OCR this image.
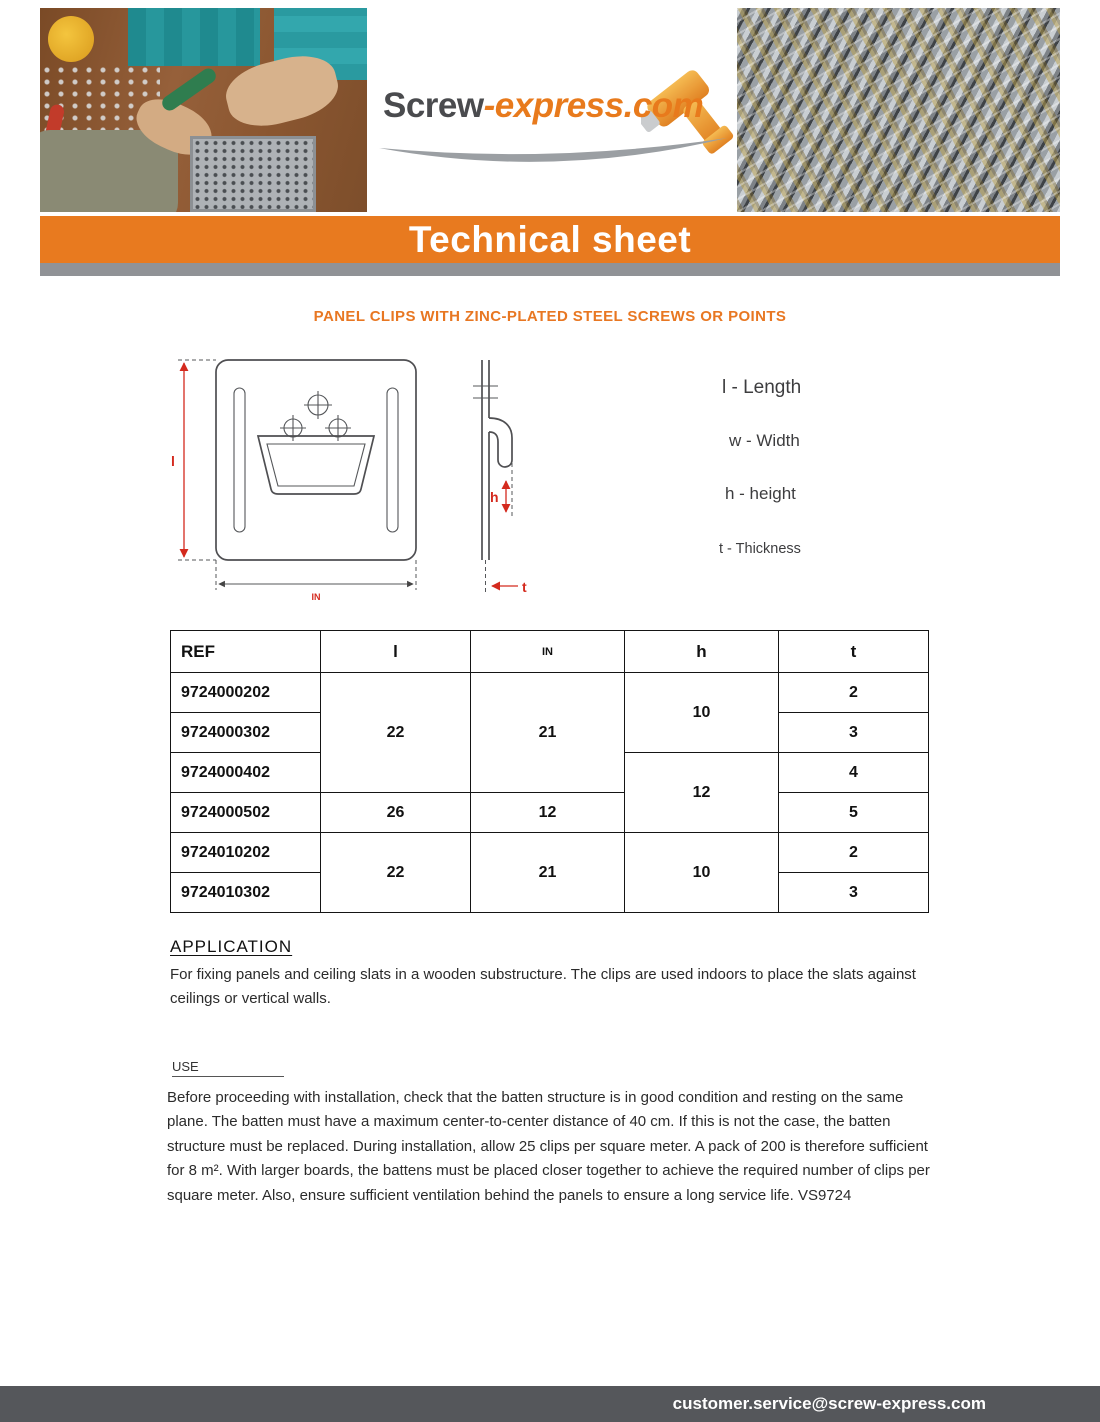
Screw-express.com
Technical sheet
PANEL CLIPS WITH ZINC-PLATED STEEL SCREWS OR POINTS
l
IN
h
t
l - Length
w - Width
h - height
t - Thickness
REF	l	IN	h	t
9724000202	22	21	10	2
9724000302				3
9724000402			12	4
9724000502	26	12		5
9724010202	22	21	10	2
9724010302				3
APPLICATION
For fixing panels and ceiling slats in a wooden substructure. The clips are used indoors to place the slats against ceilings or vertical walls.
USE
Before proceeding with installation, check that the batten structure is in good condition and resting on the same plane. The batten must have a maximum center-to-center distance of 40 cm. If this is not the case, the batten structure must be replaced. During installation, allow 25 clips per square meter. A pack of 200 is therefore sufficient for 8 m². With larger boards, the battens must be placed closer together to achieve the required number of clips per square meter. Also, ensure sufficient ventilation behind the panels to ensure a long service life. VS9724
customer.service@screw-express.com
